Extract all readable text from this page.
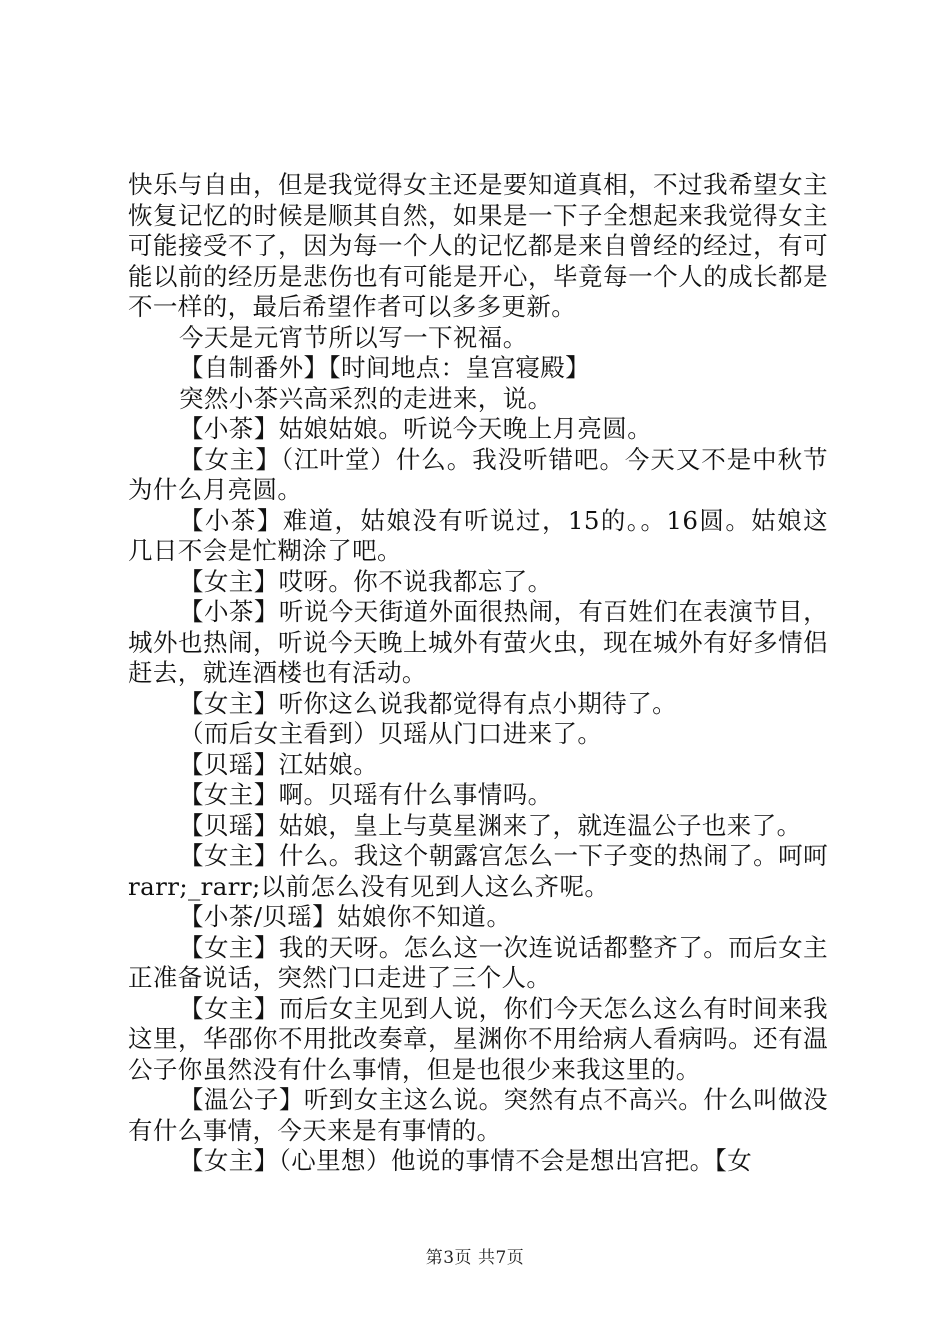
快乐与自由，但是我觉得女主还是要知道真相，不过我希望女主恢复记忆的时候是顺其自然，如果是一下子全想起来我觉得女主可能接受不了，因为每一个人的记忆都是来自曾经的经过，有可能以前的经历是悲伤也有可能是开心，毕竟每一个人的成长都是不一样的，最后希望作者可以多多更新。

今天是元宵节所以写一下祝福。

【自制番外】【时间地点：皇宫寝殿】

突然小茶兴高采烈的走进来，说。

【小茶】姑娘姑娘。听说今天晚上月亮圆。

【女主】（江叶堂）什么。我没听错吧。今天又不是中秋节为什么月亮圆。

【小茶】难道，姑娘没有听说过，15的。。16圆。姑娘这几日不会是忙糊涂了吧。

【女主】哎呀。你不说我都忘了。

【小茶】听说今天街道外面很热闹，有百姓们在表演节目，城外也热闹，听说今天晚上城外有萤火虫，现在城外有好多情侣赶去，就连酒楼也有活动。

【女主】听你这么说我都觉得有点小期待了。

（而后女主看到）贝瑶从门口进来了。

【贝瑶】江姑娘。

【女主】啊。贝瑶有什么事情吗。

【贝瑶】姑娘，皇上与莫星渊来了，就连温公子也来了。

【女主】什么。我这个朝露宫怎么一下子变的热闹了。呵呵rarr;_rarr;以前怎么没有见到人这么齐呢。

【小茶/贝瑶】姑娘你不知道。

【女主】我的天呀。怎么这一次连说话都整齐了。而后女主正准备说话，突然门口走进了三个人。

【女主】而后女主见到人说，你们今天怎么这么有时间来我这里，华邵你不用批改奏章，星渊你不用给病人看病吗。还有温公子你虽然没有什么事情，但是也很少来我这里的。

【温公子】听到女主这么说。突然有点不高兴。什么叫做没有什么事情，今天来是有事情的。

【女主】（心里想）他说的事情不会是想出宫把。【女

第3页 共7页
